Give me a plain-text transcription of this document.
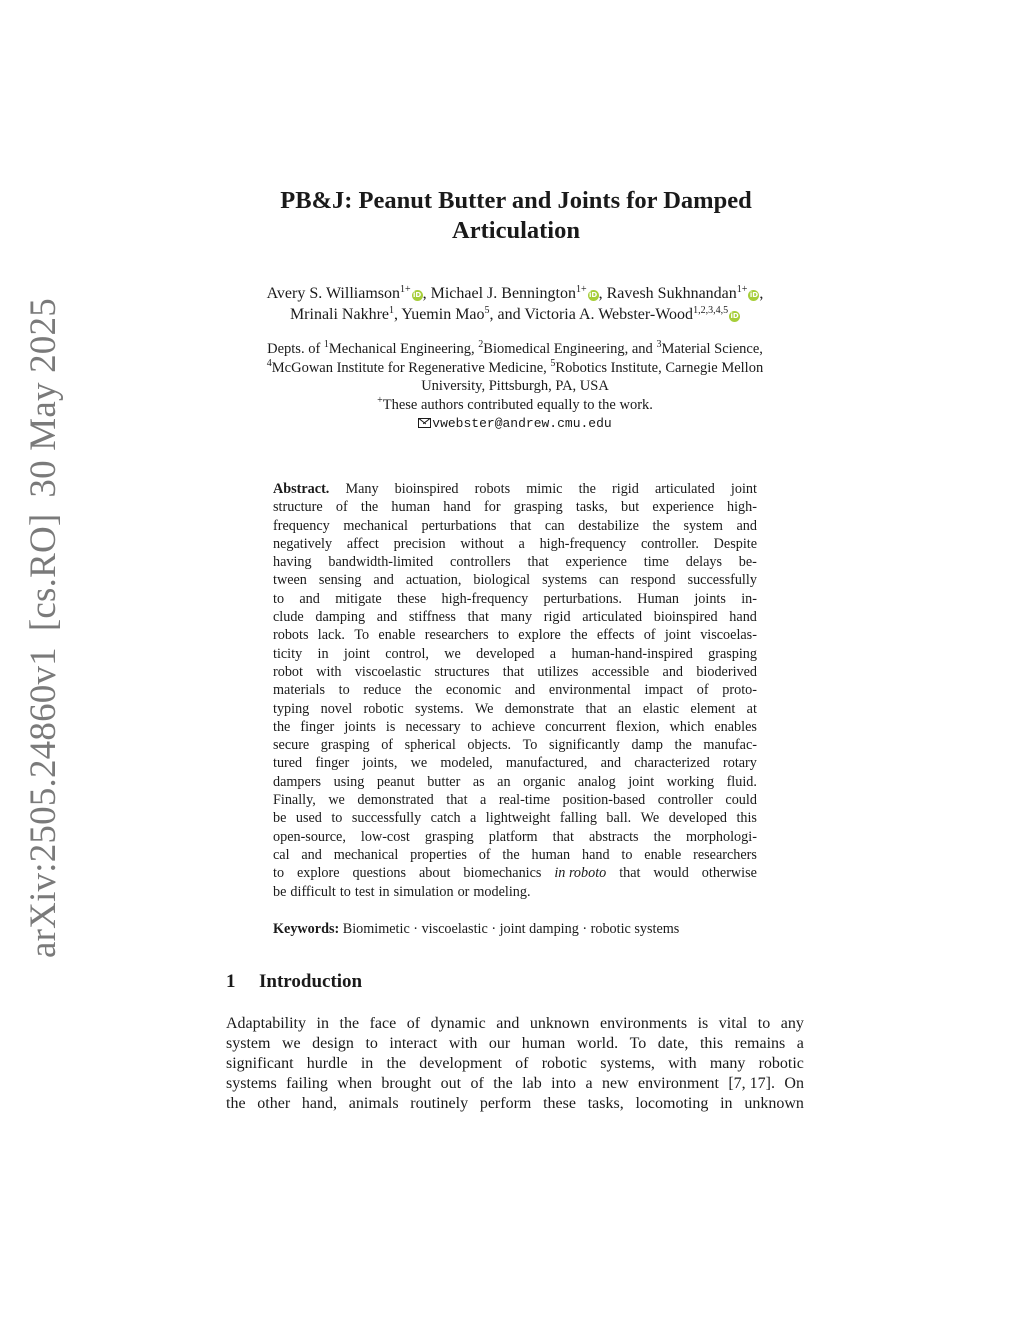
arXiv:2505.24860v1[cs.RO]30 May 2025
PB&J: Peanut Butter and Joints for Damped
Articulation
Avery S. Williamson$^{1+}$ iD, Michael J. Bennington$^{1+}$ iD, Ravesh Sukhnandan$^{1+}$ iD,
Mrinali Nakhre$^1$, Yuemin Mao$^5$, and Victoria A. Webster-Wood$^{1,2,3,4,5}$ iD
Depts. of $^1$Mechanical Engineering, $^2$Biomedical Engineering, and $^3$Material Science,
$^4$McGowan Institute for Regenerative Medicine, $^5$Robotics Institute, Carnegie Mellon
University, Pittsburgh, PA, USA
+These authors contributed equally to the work.
vwebster@andrew.cmu.edu
Abstract. Many bioinspired robots mimic the rigid articulated joint
structure of the human hand for grasping tasks, but experience high-
frequency mechanical perturbations that can destabilize the system and
negatively affect precision without a high-frequency controller. Despite
having bandwidth-limited controllers that experience time delays be-
tween sensing and actuation, biological systems can respond successfully
to and mitigate these high-frequency perturbations. Human joints in-
clude damping and stiffness that many rigid articulated bioinspired hand
robots lack. To enable researchers to explore the effects of joint viscoelas-
ticity in joint control, we developed a human-hand-inspired grasping
robot with viscoelastic structures that utilizes accessible and bioderived
materials to reduce the economic and environmental impact of proto-
typing novel robotic systems. We demonstrate that an elastic element at
the finger joints is necessary to achieve concurrent flexion, which enables
secure grasping of spherical objects. To significantly damp the manufac-
tured finger joints, we modeled, manufactured, and characterized rotary
dampers using peanut butter as an organic analog joint working fluid.
Finally, we demonstrated that a real-time position-based controller could
be used to successfully catch a lightweight falling ball. We developed this
open-source, low-cost grasping platform that abstracts the morphologi-
cal and mechanical properties of the human hand to enable researchers
to explore questions about biomechanics in roboto that would otherwise
be difficult to test in simulation or modeling.
Keywords: Biomimetic · viscoelastic · joint damping · robotic systems
1 Introduction
Adaptability in the face of dynamic and unknown environments is vital to any
system we design to interact with our human world. To date, this remains a
significant hurdle in the development of robotic systems, with many robotic
systems failing when brought out of the lab into a new environment [7, 17]. On
the other hand, animals routinely perform these tasks, locomoting in unknown
